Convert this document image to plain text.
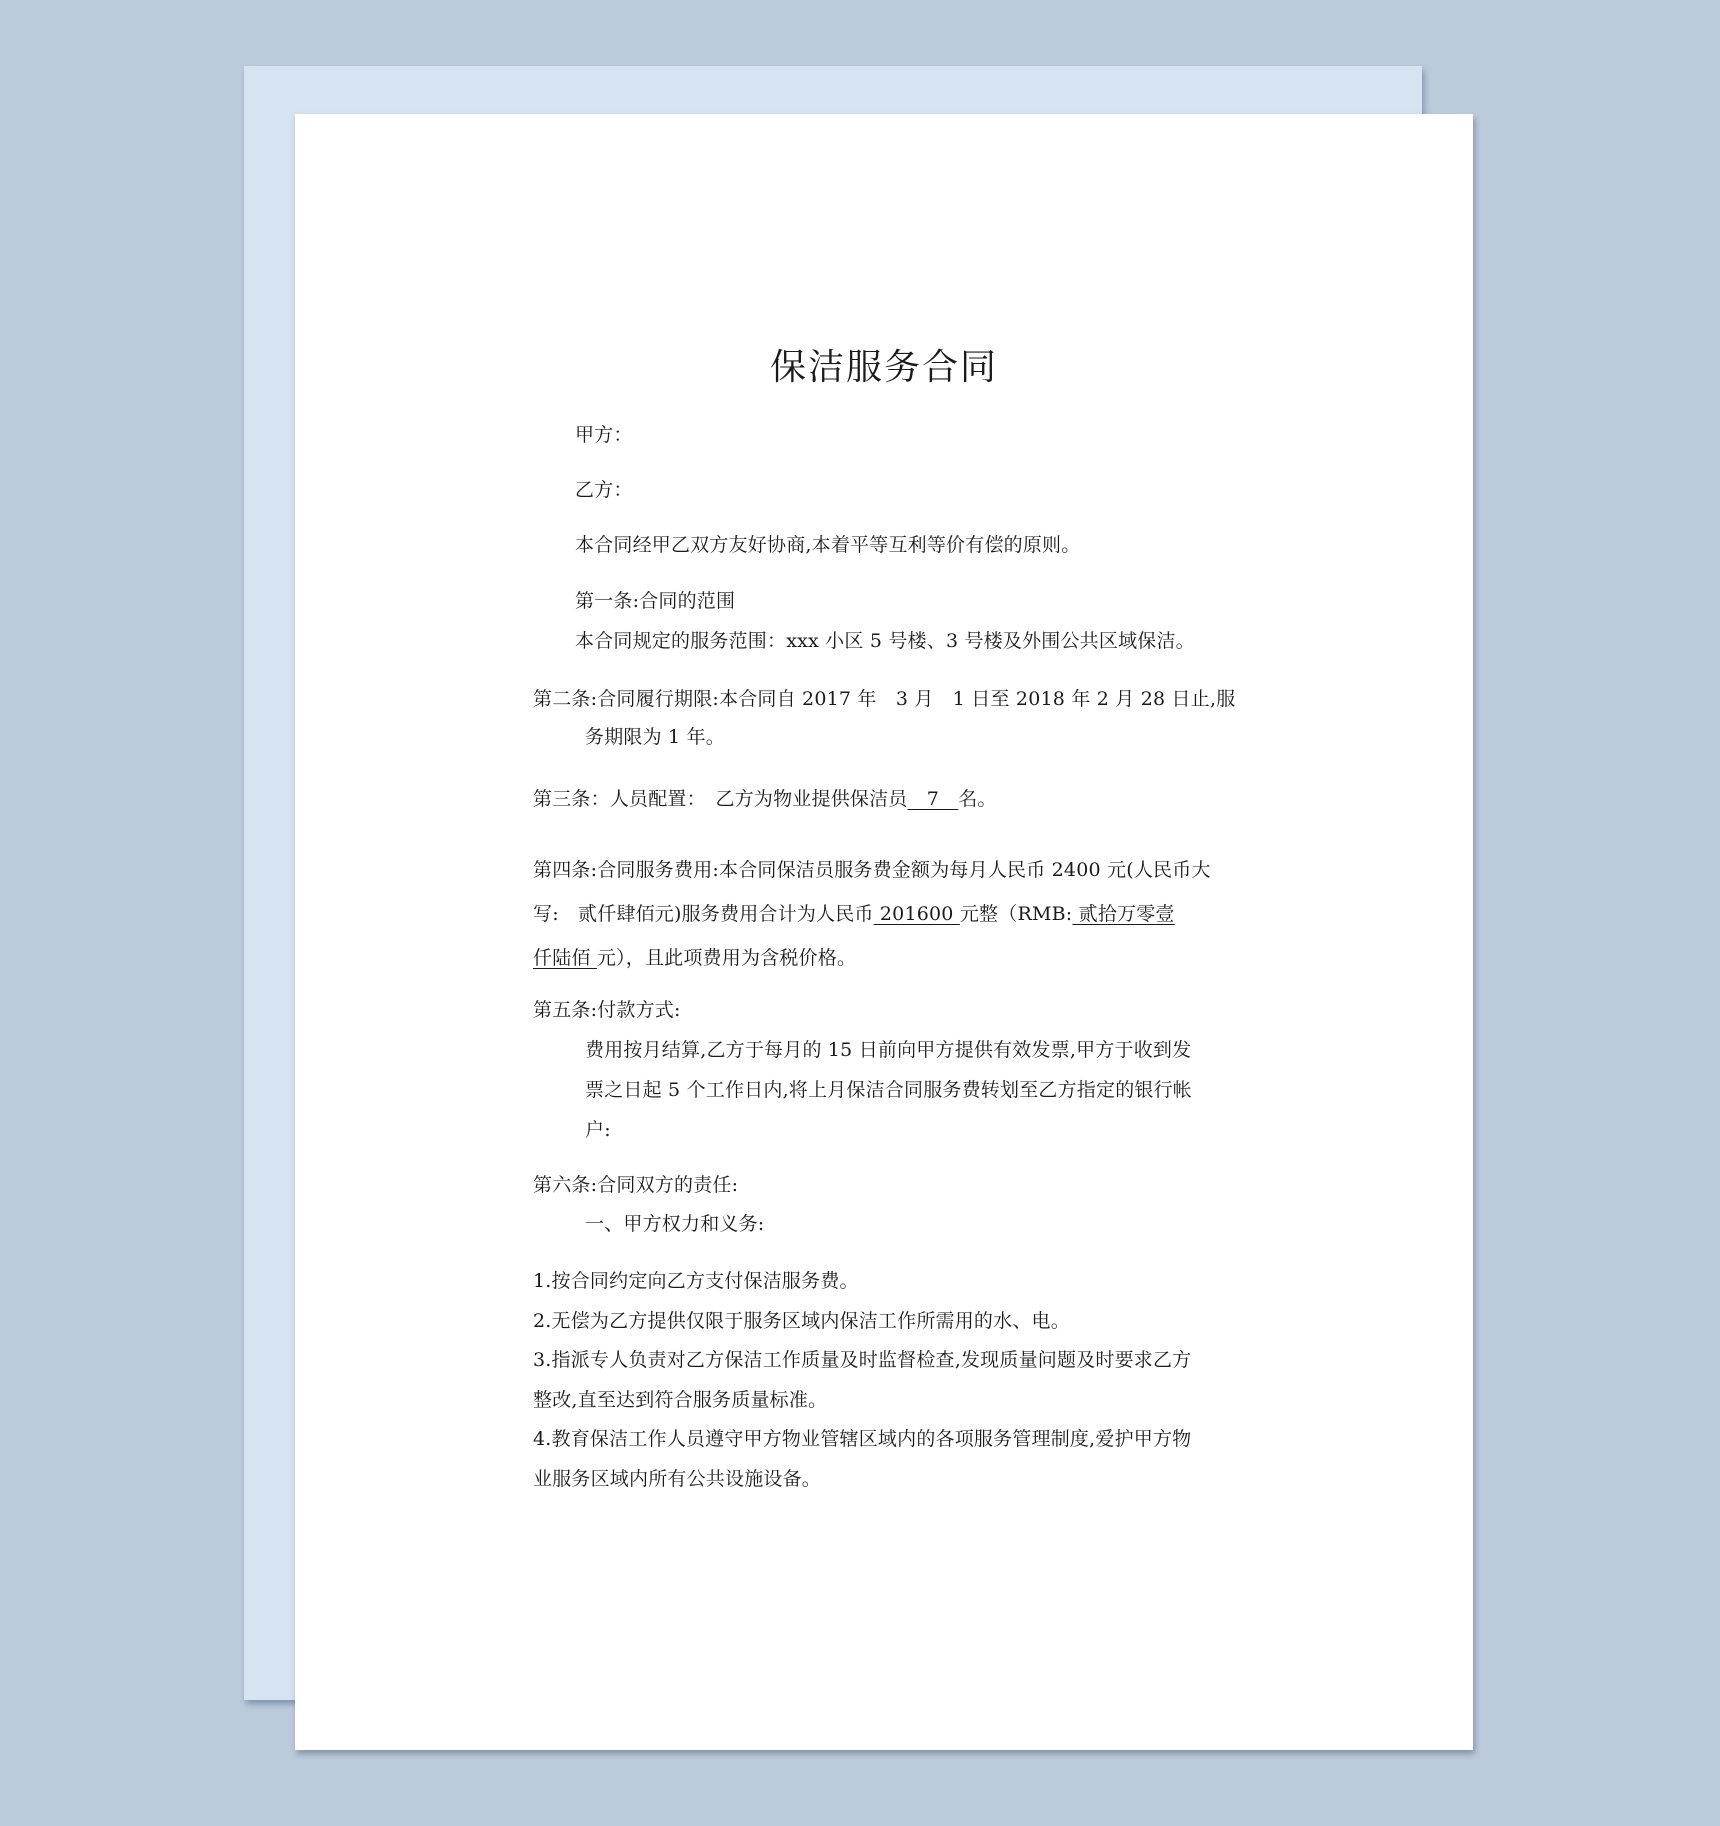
保洁服务合同
甲方：
乙方：
本合同经甲乙双方友好协商,本着平等互利等价有偿的原则。
第一条:合同的范围
本合同规定的服务范围：xxx 小区 5 号楼、3 号楼及外围公共区域保洁。
第二条:合同履行期限:本合同自 2017 年　3 月　1 日至 2018 年 2 月 28 日止,服
务期限为 1 年。
第三条：人员配置：　乙方为物业提供保洁员　7　名。
第四条:合同服务费用:本合同保洁员服务费金额为每月人民币 2400 元(人民币大
写:　贰仟肆佰元)服务费用合计为人民币 201600 元整（RMB: 贰拾万零壹
仟陆佰 元），且此项费用为含税价格。
第五条:付款方式:
费用按月结算,乙方于每月的 15 日前向甲方提供有效发票,甲方于收到发
票之日起 5 个工作日内,将上月保洁合同服务费转划至乙方指定的银行帐
户:
第六条:合同双方的责任:
一、甲方权力和义务:
1.按合同约定向乙方支付保洁服务费。
2.无偿为乙方提供仅限于服务区域内保洁工作所需用的水、电。
3.指派专人负责对乙方保洁工作质量及时监督检查,发现质量问题及时要求乙方
整改,直至达到符合服务质量标准。
4.教育保洁工作人员遵守甲方物业管辖区域内的各项服务管理制度,爱护甲方物
业服务区域内所有公共设施设备。
